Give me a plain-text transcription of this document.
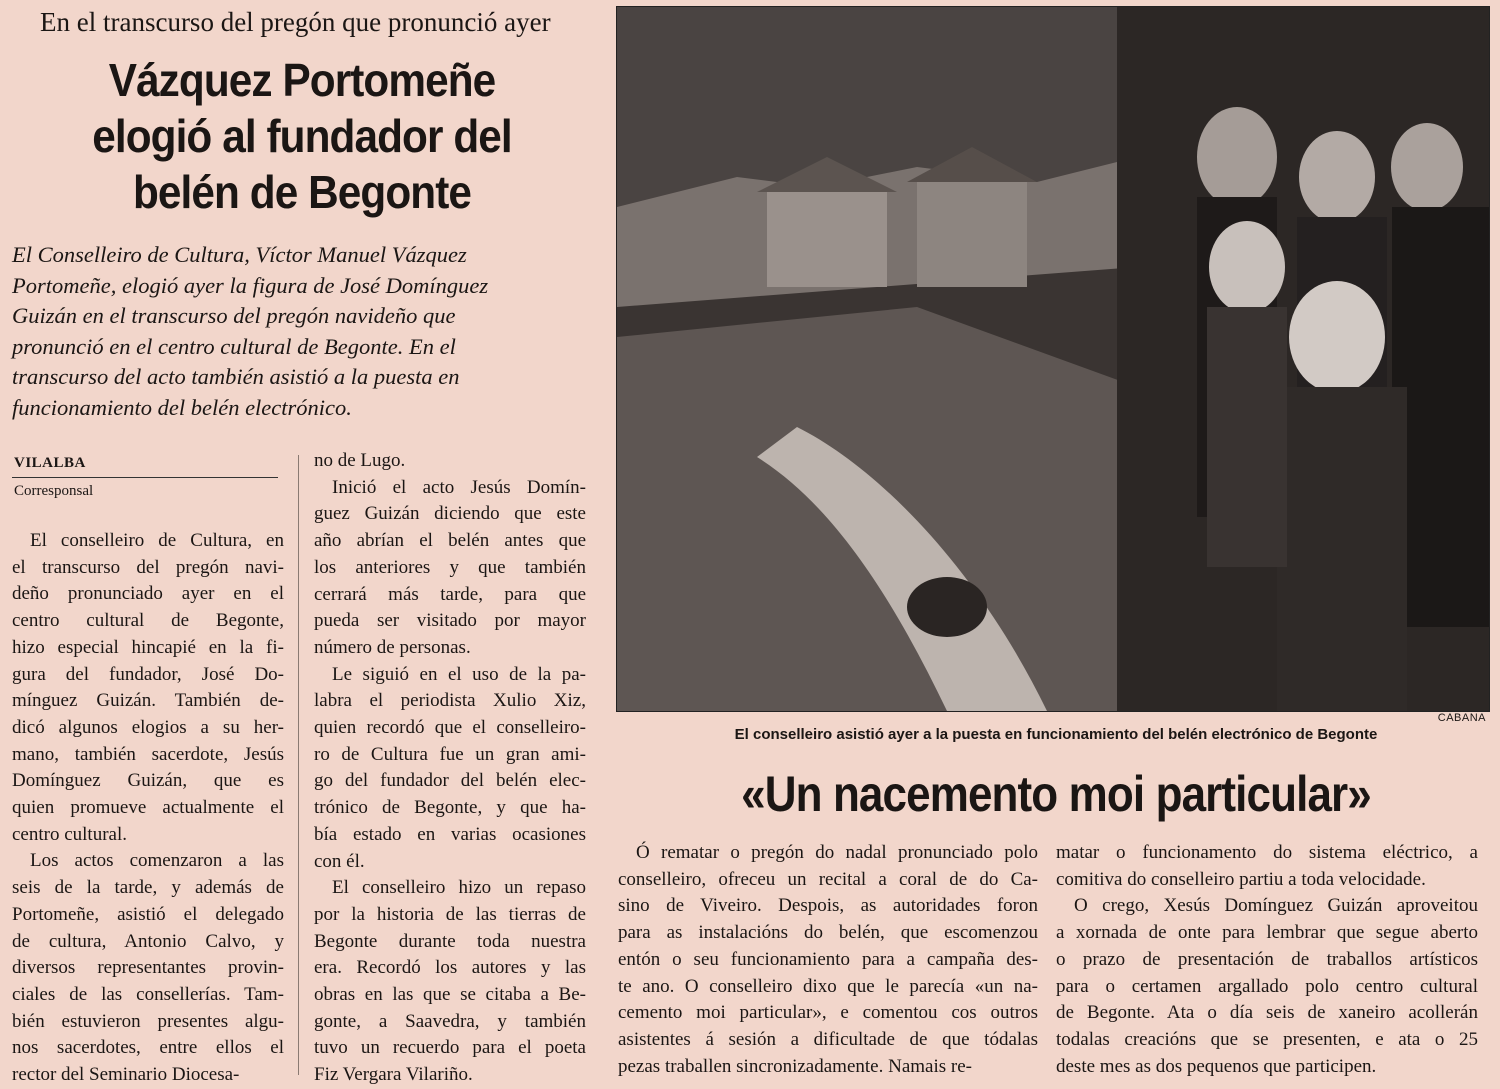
En el transcurso del pregón que pronunció ayer
Vázquez Portomeñe
elogió al fundador del
belén de Begonte
El Conselleiro de Cultura, Víctor Manuel Vázquez
Portomeñe, elogió ayer la figura de José Domínguez
Guizán en el transcurso del pregón navideño que
pronunció en el centro cultural de Begonte. En el
transcurso del acto también asistió a la puesta en
funcionamiento del belén electrónico.
VILALBA
Corresponsal

El conselleiro de Cultura, en
el transcurso del pregón navi-
deño pronunciado ayer en el
centro cultural de Begonte,
hizo especial hincapié en la fi-
gura del fundador, José Do-
mínguez Guizán. También de-
dicó algunos elogios a su her-
mano, también sacerdote, Jesús
Domínguez Guizán, que es
quien promueve actualmente el
centro cultural.

Los actos comenzaron a las
seis de la tarde, y además de
Portomeñe, asistió el delegado
de cultura, Antonio Calvo, y
diversos representantes provin-
ciales de las consellerías. Tam-
bién estuvieron presentes algu-
nos sacerdotes, entre ellos el
rector del Seminario Diocesa-

no de Lugo.

Inició el acto Jesús Domín-
guez Guizán diciendo que este
año abrían el belén antes que
los anteriores y que también
cerrará más tarde, para que
pueda ser visitado por mayor
número de personas.

Le siguió en el uso de la pa-
labra el periodista Xulio Xiz,
quien recordó que el conselleiro-
ro de Cultura fue un gran ami-
go del fundador del belén elec-
trónico de Begonte, y que ha-
bía estado en varias ocasiones
con él.

El conselleiro hizo un repaso
por la historia de las tierras de
Begonte durante toda nuestra
era. Recordó los autores y las
obras en las que se citaba a Be-
gonte, a Saavedra, y también
tuvo un recuerdo para el poeta
Fiz Vergara Vilariño.

CABANA
El conselleiro asistió ayer a la puesta en funcionamiento del belén electrónico de Begonte
«Un nacemento moi particular»

Ó rematar o pregón do nadal pronunciado polo
conselleiro, ofreceu un recital a coral de do Ca-
sino de Viveiro. Despois, as autoridades foron
para as instalacións do belén, que escomenzou
entón o seu funcionamiento para a campaña des-
te ano. O conselleiro dixo que le parecía «un na-
cemento moi particular», e comentou cos outros
asistentes á sesión a dificultade de que tódalas
pezas traballen sincronizadamente. Namais re-

matar o funcionamento do sistema eléctrico, a
comitiva do conselleiro partiu a toda velocidade.

O crego, Xesús Domínguez Guizán aproveitou
a xornada de onte para lembrar que segue aberto
o prazo de presentación de traballos artísticos
para o certamen argallado polo centro cultural
de Begonte. Ata o día seis de xaneiro acollerán
todalas creacións que se presenten, e ata o 25
deste mes as dos pequenos que participen.
